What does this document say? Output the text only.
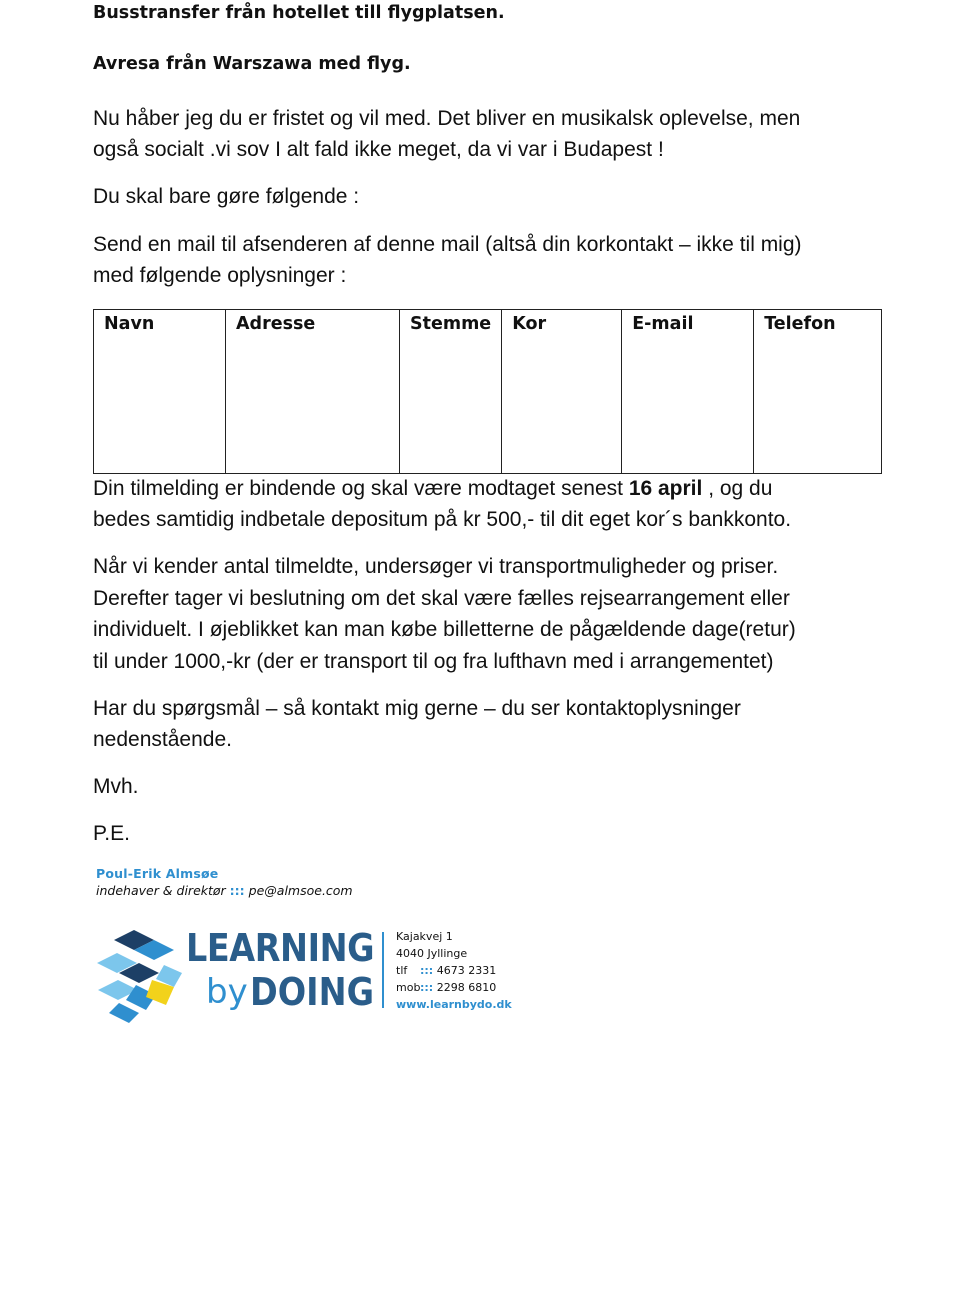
Busstransfer från hotellet till flygplatsen.
Avresa från Warszawa med flyg.
Nu håber jeg du er fristet og vil med. Det bliver en musikalsk oplevelse, men
også socialt .vi sov I alt fald ikke meget, da vi var i Budapest !
Du skal bare gøre følgende :
Send en mail til afsenderen af denne mail (altså din korkontakt – ikke til mig)
med følgende oplysninger :
Navn	Adresse	Stemme	Kor	E-mail	Telefon
Din tilmelding er bindende og skal være modtaget senest 16 april , og du
bedes samtidig indbetale depositum på kr 500,- til dit eget kor´s bankkonto.
Når vi kender antal tilmeldte, undersøger vi transportmuligheder og priser.
Derefter tager vi beslutning om det skal være fælles rejsearrangement eller
individuelt. I øjeblikket kan man købe billetterne de pågældende dage(retur)
til under 1000,-kr (der er transport til og fra lufthavn med i arrangementet)
Har du spørgsmål – så kontakt mig gerne – du ser kontaktoplysninger
nedenstående.
Mvh.
P.E.
Poul-Erik Almsøe
indehaver & direktør ::: pe@almsoe.com
LEARNING
by DOING
Kajakvej 1
4040 Jyllinge
tlf ::: 4673 2331
mob::: 2298 6810
www.learnbydo.dk
